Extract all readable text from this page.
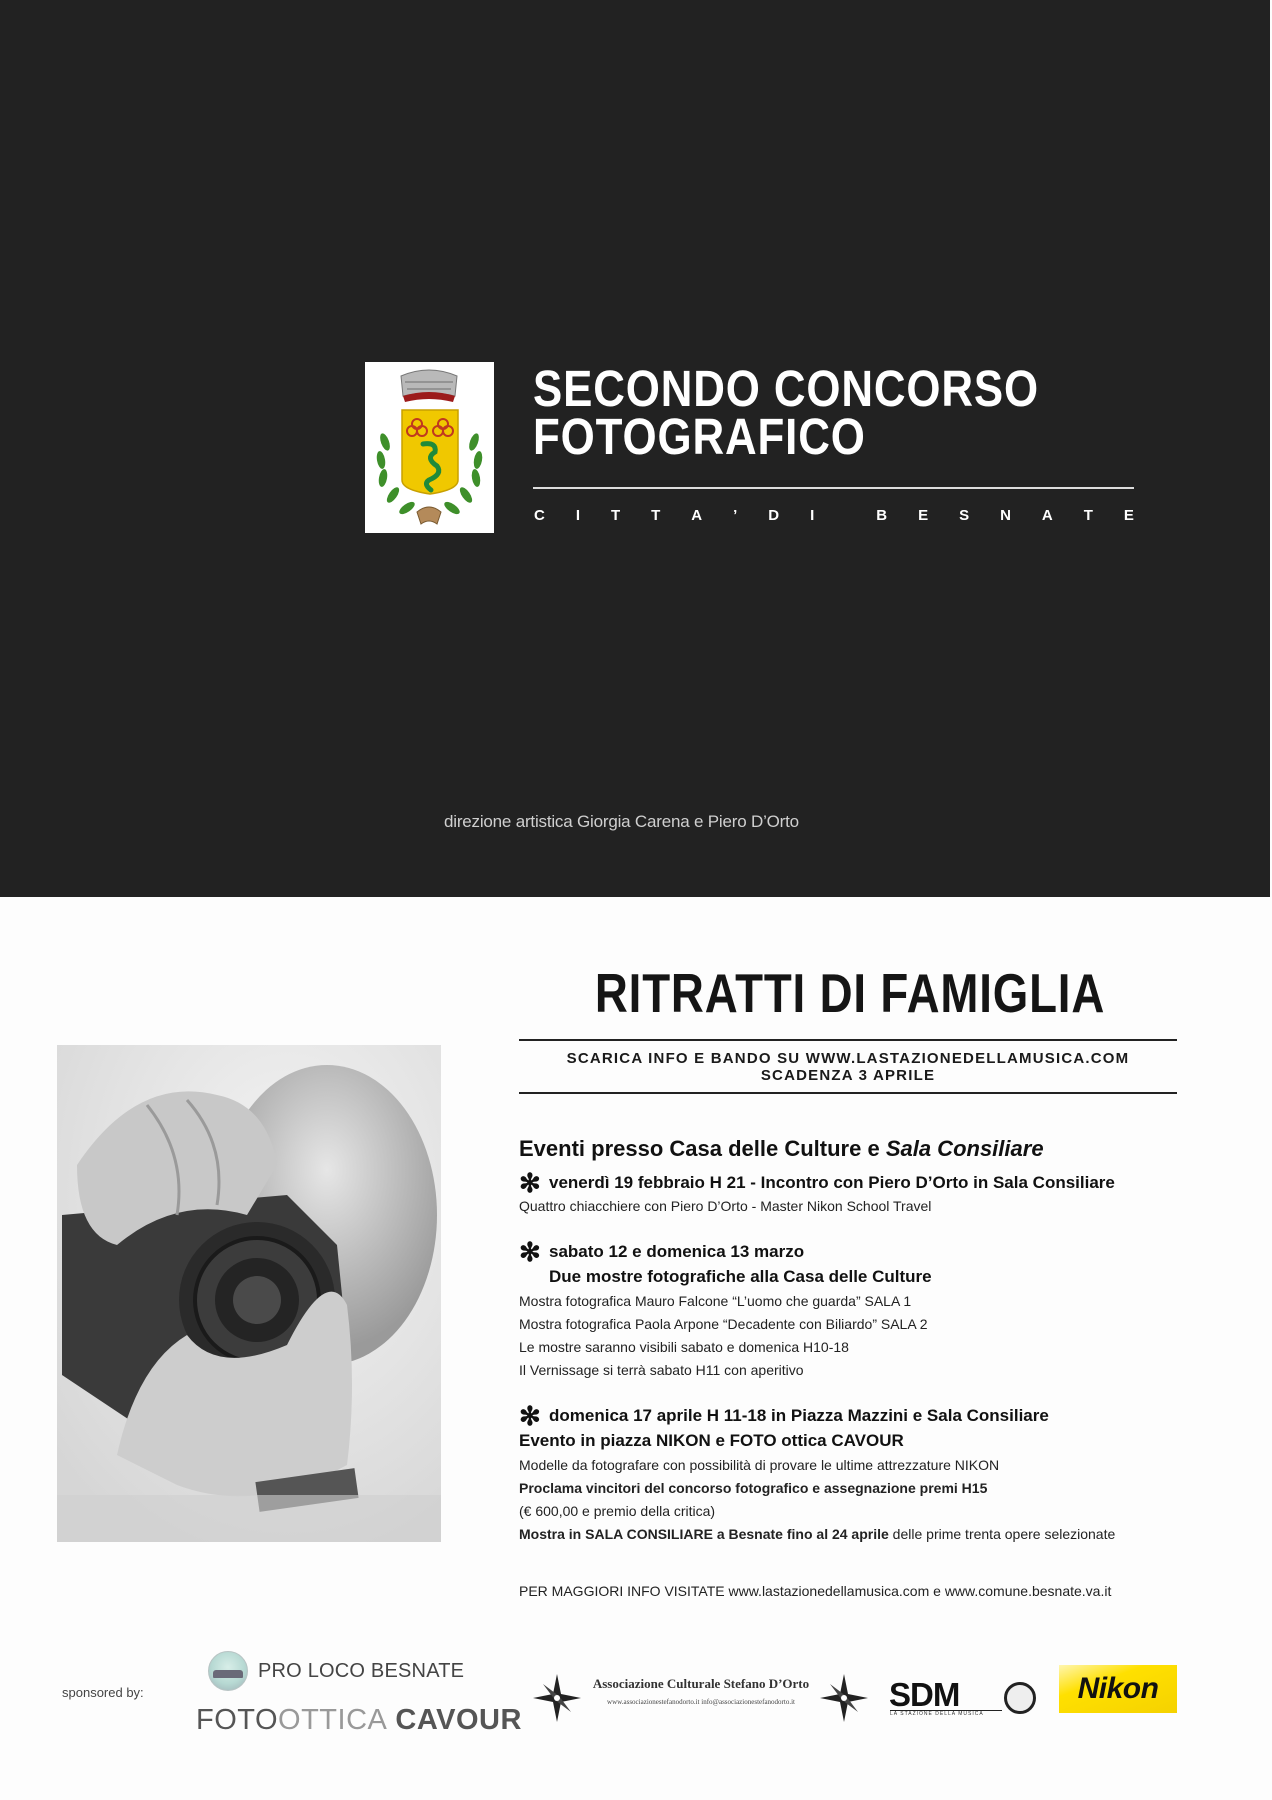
SECONDO CONCORSO
FOTOGRAFICO
C I T T A ’ D I	B E S N A T E
direzione artistica Giorgia Carena e Piero D’Orto
RITRATTI DI FAMIGLIA
SCARICA INFO E BANDO SU WWW.LASTAZIONEDELLAMUSICA.COM
SCADENZA 3 APRILE
Eventi presso Casa delle Culture e Sala Consiliare
✻ venerdì 19 febbraio H 21 - Incontro con Piero D’Orto in Sala Consiliare
Quattro chiacchiere con Piero D’Orto - Master Nikon School Travel
✻ sabato 12 e domenica 13 marzo
Due mostre fotografiche alla Casa delle Culture
Mostra fotografica Mauro Falcone “L’uomo che guarda” SALA 1
Mostra fotografica Paola Arpone “Decadente con Biliardo” SALA 2
Le mostre saranno visibili sabato e domenica H10-18
Il Vernissage si terrà sabato H11 con aperitivo
✻ domenica 17 aprile H 11-18 in Piazza Mazzini e Sala Consiliare
Evento in piazza NIKON e FOTO ottica CAVOUR
Modelle da fotografare con possibilità di provare le ultime attrezzature NIKON
Proclama vincitori del concorso fotografico e assegnazione premi H15
(€ 600,00 e premio della critica)
Mostra in SALA CONSILIARE a Besnate fino al 24 aprile delle prime trenta opere selezionate
PER MAGGIORI INFO VISITATE www.lastazionedellamusica.com e www.comune.besnate.va.it
sponsored by:
PRO LOCO BESNATE
FOTOOTTICA CAVOUR
Associazione Culturale Stefano D’Orto
www.associazionestefanodorto.it info@associazionestefanodorto.it	SDM
LA STAZIONE DELLA MUSICA
Nikon
